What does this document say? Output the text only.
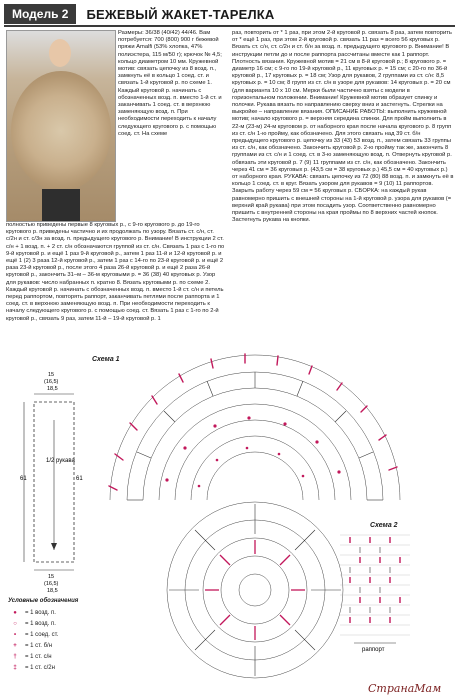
Модель 2	БЕЖЕВЫЙ ЖАКЕТ-ТАРЕЛКА
Размеры: 36/38 (40/42) 44/46. Вам потребуется: 700 (800) 900 г бежевой пряжи Amalfi (53% хлопка, 47% полиэстера, 115 м/50 г); крючок № 4,5; кольцо диаметром 10 мм. Кружевной мотив: связать цепочку из 8 возд. п., замкнуть её в кольцо 1 соед. ст. и связать 1-й круговой р. по схеме 1. Каждый круговой р. начинать с обозначенных возд. п. вместо 1-й ст. и заканчивать 1 соед. ст. в верхнюю заменяющую возд. п. При необходимости переходить к началу следующего кругового р. с помощью соед. ст. На схеме
полностью приведены первые 8 круговых р., с 9-го кругового р. до 19-го кругового р. приведены частично и их продолжать по узору. Вязать ст. с/н, ст. с/2н и ст. с/3н за возд. п. предыдущего кругового р. Внимание! В инструкции 2 ст. с/н + 1 возд. п. + 2 ст. с/н обозначаются группой из ст. с/н. Связать 1 раз с 1-го по 9-й круговой р. и ещё 1 раз 9-й круговой р., затем 1 раз 11-й и 12-й круговой р. и ещё 1 (2) 3 раза 12-й круговой р., затем 1 раз с 14-го по 23-й круговой р. и ещё 2 раза 23-й круговой р., после этого 4 раза 26-й круговой р. и ещё 2 раза 26-й круговой р., закончить 31–м – 36-м круговыми р. = 36 (38) 40 круговых р. Узор для рукавов: число набранных п. кратно 8. Вязать круговыми р. по схеме 2. Каждый круговой р. начинать с обозначенных возд. п. вместо 1-й ст. с/н и петель перед раппортом, повторять раппорт, заканчивать петлями после раппорта и 1 соед. ст. в верхнюю заменяющую возд. п. При необходимости переходить к началу следующего кругового р. с помощью соед. ст. Вязать 1 раз с 1-го по 2-й круговой р., связать 9 раз, затем 11-й – 19-й круговой р. 1
раз, повторить от * 1 раз, при этом 2-й круговой р. связать 8 раз, затем повторить от * ещё 1 раз, при этом 2-й круговой р. связать 11 раз = всего 56 круговых р. Вязать ст. с/н, ст. с/2н и ст. б/н за возд. п. предыдущего кругового р. Внимание! В инструкции петли до и после раппорта рассчитаны вместе как 1 раппорт. Плотность вязания. Кружевной мотив = 21 см в 8-й круговой р.; 8 кругового р. = диаметр 16 см; с 9-го по 19-й круговой р., 11 круговых р. = 15 см; с 20-го по 36-й круговой р., 17 круговых р. = 18 см; Узор для рукавов, 2 группами из ст. с/н: 8,5 круговых р. = 10 см; 8 групп из ст. с/н в узоре для рукавов: 14 круговых р. = 20 см (для варианта 10 х 10 см. Мерки были частично взяты с модели в горизонтальном положении. Внимание! Кружевной мотив образует спинку и полочки. Рукава вязать по направлению сверху вниз и застегнуть. Стрелки на выкройке – направление вязания. ОПИСАНИЕ РАБОТЫ: выполнить кружевной мотив; начало кругового р. = верхняя середина спинки. Для пройм выполнить в 22-м (23-м) 24-м круговом р. от наборного края после начала кругового р. 8 групп из ст. с/н 1-ю пройму, как обозначено. Для этого связать над 39 ст. б/н предыдущего кругового р. цепочку из 33 (43) 53 возд. п., затем связать 33 группы из ст. с/н, как обозначено. Закончить круговой р. 2-ю пройму так же, закончить 8 группами из ст. с/н и 1 соед. ст. в 3-ю заменяющую возд. п. Отвернуть круговой р. обвязать эти круговой р. 7 (9) 11 группами из ст. с/н, как обозначено. Закончить через 41 см = 36 круговых р. (43,5 см = 38 круговых р.) 45,5 см = 40 круговых р.) от наборного края. РУКАВА: связать цепочку из 72 (80) 88 возд. п. и замкнуть её в кольцо 1 соед. ст. в круг. Вязать узором для рукавов = 9 (10) 11 раппортов. Закрыть работу через 59 см = 56 круговых р. СБОРКА: на каждый рукав равномерно пришить с внешней стороны на 1-й круговой р. узора для рукавов (= верхний край рукава) при этом посадить узор. Соответственно равномерно пришить с внутренней стороны на края проймы по 8 верхних частей кнопок. Застегнуть рукава на кнопки.
Схема 1
Схема 2
1/2 рукава
61	61
15
(16,5)
18,5
15
(16,5)
18,5
раппорт
Условные обозначения
●	= 1 возд. п.
○	= 1 возд. п.
•	= 1 соед. ст.
+	= 1 ст. б/н
†	= 1 ст. с/н
‡	= 1 ст. с/2н
СтранаМам
